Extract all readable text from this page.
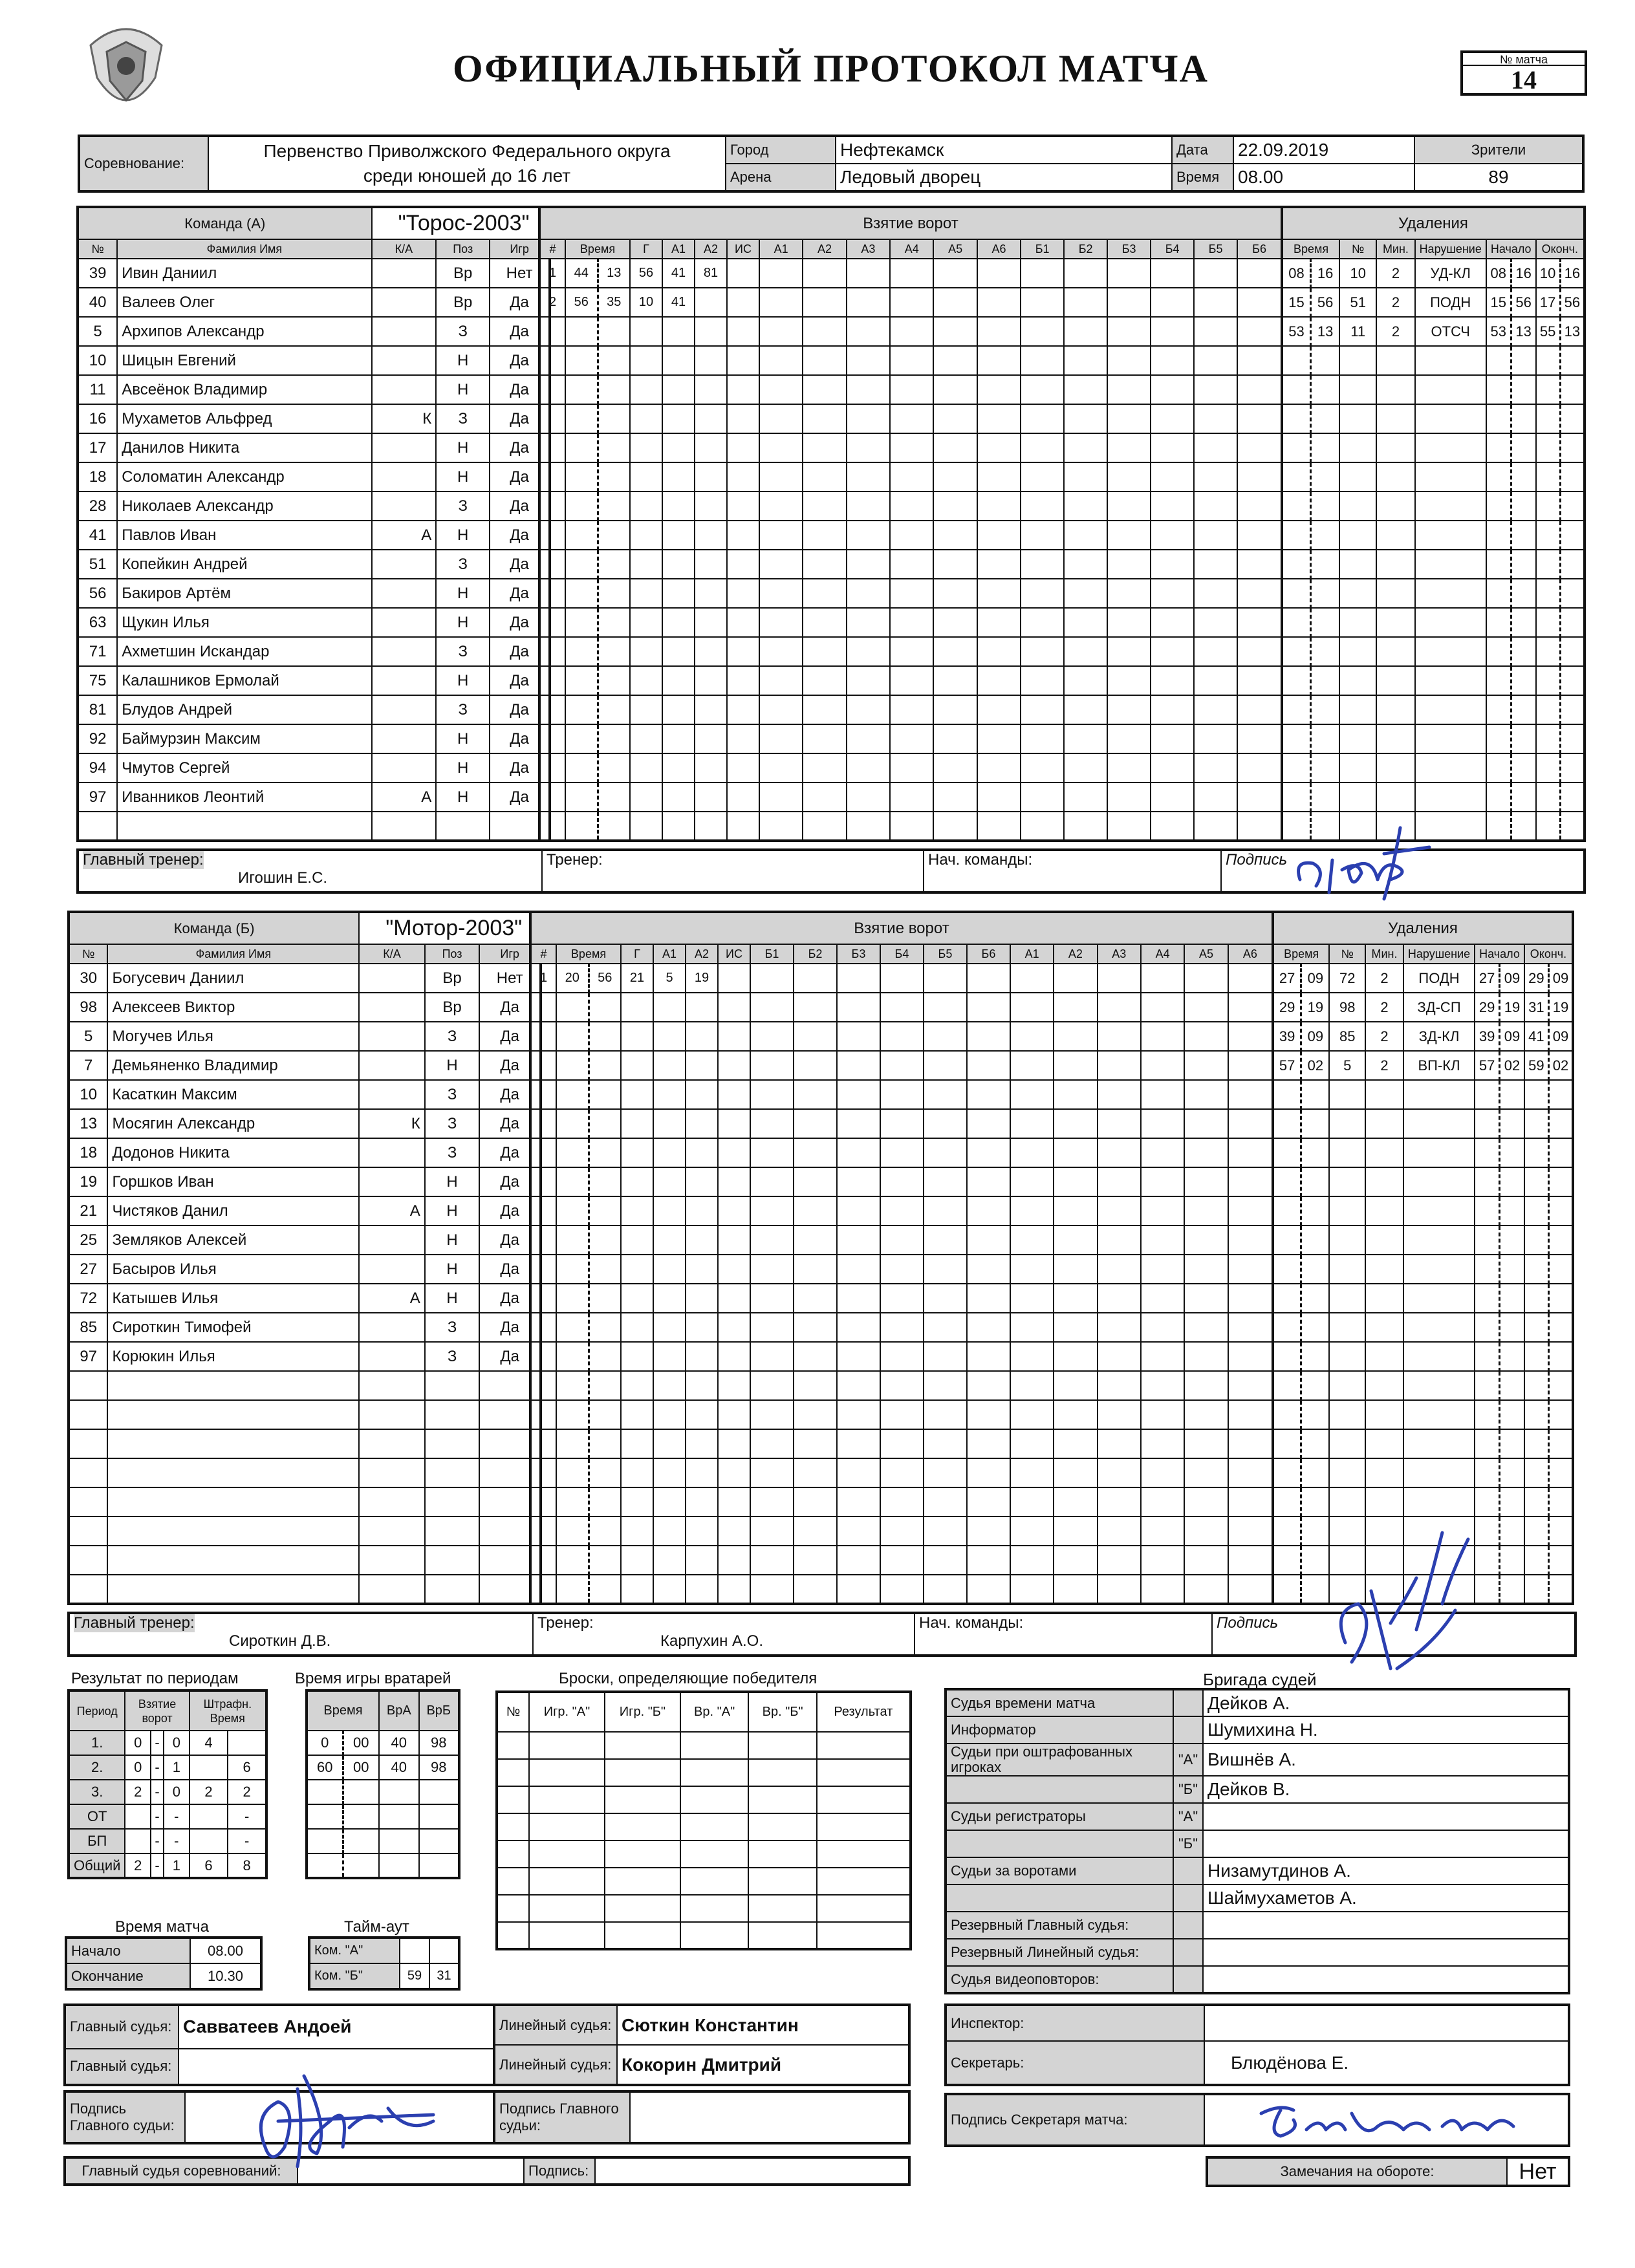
ОФИЦИАЛЬНЫЙ ПРОТОКОЛ МАТЧА	№ матча
14
Соревнование:	Первенство Приволжского Федерального округа
среди юношей до 16 лет	Город	Нефтекамск	Дата	22.09.2019	Зрители
		Арена	Ледовый дворец	Время	08.00	89
Команда (А)		"Торос-2003"		
№	Фамилия Имя	К/А	Поз	Игр
39	Ивин Даниил		Вр	Нет
40	Валеев Олег		Вр	Да
5	Архипов Александр		З	Да
10	Шицын Евгений		Н	Да
11	Авсеёнок Владимир		Н	Да
16	Мухаметов Альфред	К	З	Да
17	Данилов Никита		Н	Да
18	Соломатин Александр		Н	Да
28	Николаев Александр		З	Да
41	Павлов Иван	А	Н	Да
51	Копейкин Андрей		З	Да
56	Бакиров Артём		Н	Да
63	Щукин Илья		Н	Да
71	Ахметшин Искандар		З	Да
75	Калашников Ермолай		Н	Да
81	Блудов Андрей		З	Да
92	Баймурзин Максим		Н	Да
94	Чмутов Сергей		Н	Да
97	Иванников Леонтий	А	Н	Да

Взятие ворот																		
#	Время		Г	А1	А2	ИС	А1	А2	А3	А4	А5	А6	Б1	Б2	Б3	Б4	Б5	Б6
1	44	13	56	41	81													
2	56	35	10	41														

Удаления								
Время		№	Мин.	Нарушение	Начало		Оконч.	
08	16	10	2	УД-КЛ	08	16	10	16
15	56	51	2	ПОДН	15	56	17	56
53	13	11	2	ОТСЧ	53	13	55	13

Главный тренер:
Игошин Е.С.

Тренер:	Нач. команды:	Подпись
Команда (Б)		"Мотор-2003"		
№	Фамилия Имя	К/А	Поз	Игр
30	Богусевич Даниил		Вр	Нет
98	Алексеев Виктор		Вр	Да
5	Могучев Илья		З	Да
7	Демьяненко Владимир		Н	Да
10	Касаткин Максим		З	Да
13	Мосягин Александр	К	З	Да
18	Додонов Никита		З	Да
19	Горшков Иван		Н	Да
21	Чистяков Данил	А	Н	Да
25	Земляков Алексей		Н	Да
27	Басыров Илья		Н	Да
72	Катышев Илья	А	Н	Да
85	Сироткин Тимофей		З	Да
97	Корюкин Илья		З	Да

Взятие ворот																		
#	Время		Г	А1	А2	ИС	Б1	Б2	Б3	Б4	Б5	Б6	А1	А2	А3	А4	А5	А6
1	20	56	21	5	19													

Удаления								
Время		№	Мин.	Нарушение	Начало		Оконч.	
27	09	72	2	ПОДН	27	09	29	09
29	19	98	2	ЗД-СП	29	19	31	19
39	09	85	2	ЗД-КЛ	39	09	41	09
57	02	5	2	ВП-КЛ	57	02	59	02

Главный тренер:
Сироткин Д.В.

Тренер:
Карпухин А.О.
	Нач. команды:	Подпись
Результат по периодам
Период	Взятие ворот			Штрафн. Время	
1.	0	-	0	4	
2.	0	-	1		6
3.	2	-	0	2	2
ОТ		-	-		-
БП		-	-		-
Общий	2	-	1	6	8
Время игры вратарей
Время		ВрА	ВрБ
0	00	40	98
60	00	40	98

Броски, определяющие победителя
№	Игр. "А"	Игр. "Б"	Вр. "А"	Вр. "Б"	Результат

Время матча
Начало	08.00
Окончание	10.30
Тайм-аут
Ком. "А"		
Ком. "Б"	59	31
Бригада судей
Судья времени матча		Дейков А.
Информатор		Шумихина Н.
Судьи при оштрафованных игроках	"А"	Вишнёв А.
	"Б"	Дейков В.
Судьи регистраторы	"А"	
	"Б"	
Судьи за воротами		Низамутдинов А.
		Шаймухаметов А.
Резервный Главный судья:		
Резервный Линейный судья:		
Судья видеоповторов:		
Главный судья:	Савватеев Андоей
Главный судья:	
Линейный судья:	Сюткин Константин
Линейный судья:	Кокорин Дмитрий
Инспектор:	
Секретарь:	Блюдёнова Е.
Подпись Главного судьи:	
Подпись Главного судьи:		Подпись Секретаря матча:	
Главный судья соревнований:		Подпись:		Замечания на обороте:	Нет
